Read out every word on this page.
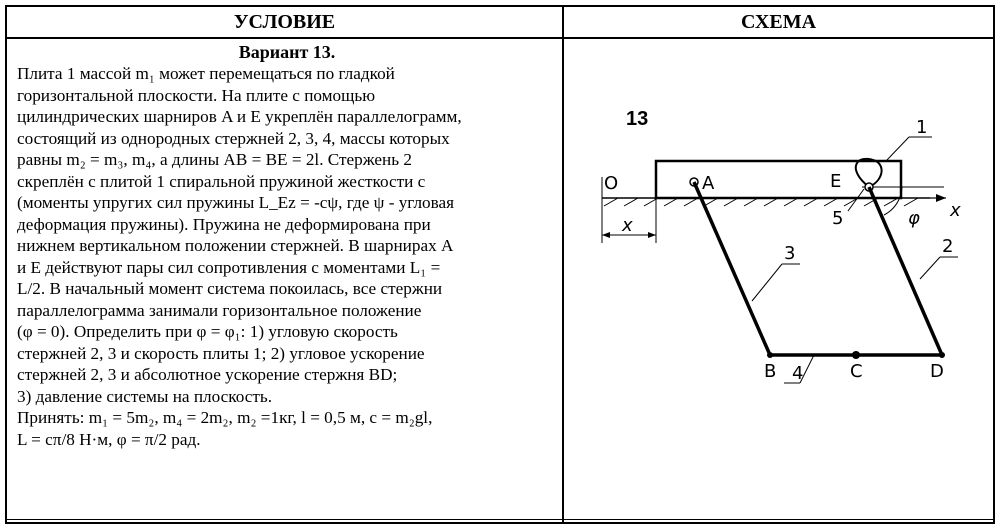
УСЛОВИЕ	СХЕМА
Вариант 13.

Плита 1 массой m₁ может перемещаться по гладкой

горизонтальной плоскости. На плите с помощью

цилиндрических шарниров A и E укреплён параллелограмм,

состоящий из однородных стержней 2, 3, 4, массы которых

равны m₂ = m₃, m₄, а длины AB = BE = 2l. Стержень 2

скреплён с плитой 1 спиральной пружиной жесткости c

(моменты упругих сил пружины L_Ez = -cψ, где ψ - угловая

деформация пружины). Пружина не деформирована при

нижнем вертикальном положении стержней. В шарнирах A

и E действуют пары сил сопротивления с моментами L₁ =

L/2. В начальный момент система покоилась, все стержни

параллелограмма занимали горизонтальное положение

(φ = 0). Определить при φ = φ₁: 1) угловую скорость

стержней 2, 3 и скорость плиты 1; 2) угловое ускорение

стержней 2, 3 и абсолютное ускорение стержня BD;

3) давление системы на плоскость.

Принять: m₁ = 5m₂, m₄ = 2m₂, m₂ =1кг, l = 0,5 м, c = m₂gl,

L = cπ/8 Н·м, φ = π/2 рад.

13
x
O
x
1
5
A	E
3	2
φ
4
B	C	D
